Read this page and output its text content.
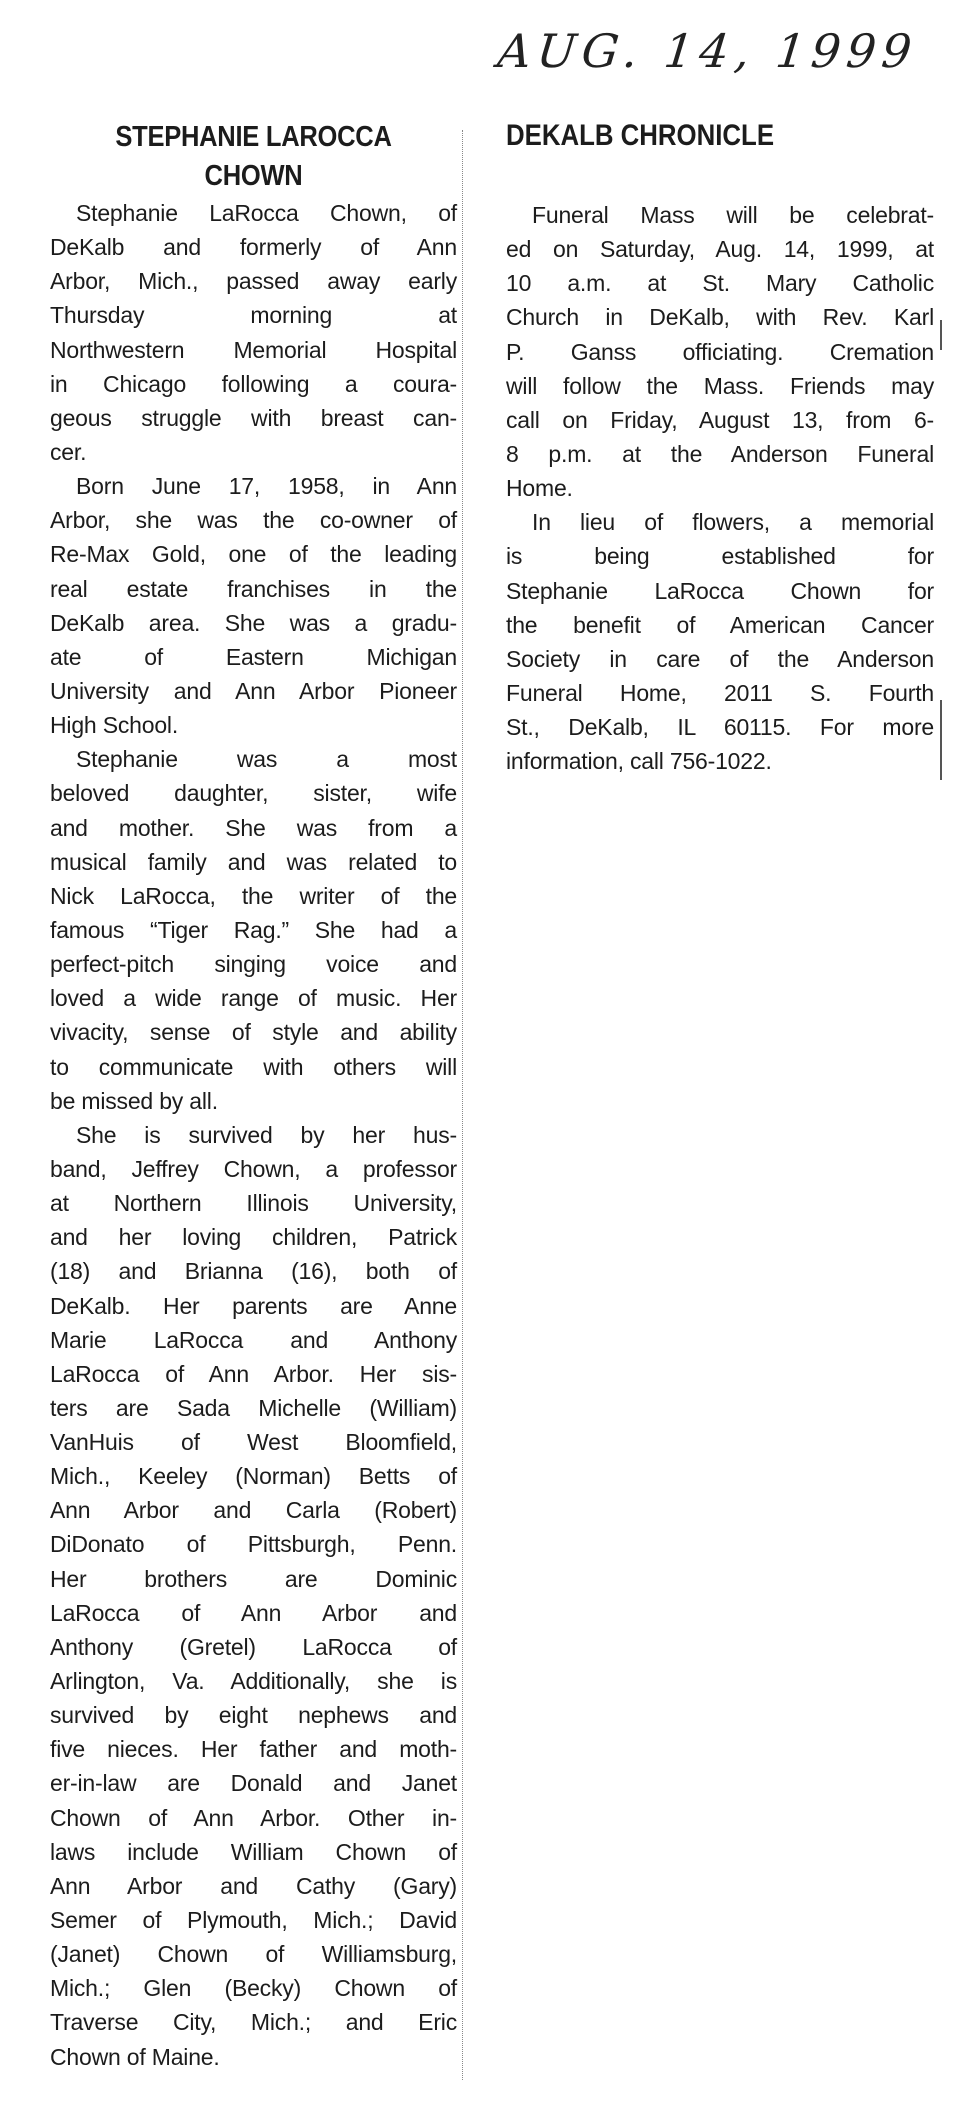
AUG. 14, 1999
STEPHANIE LAROCCA
CHOWN
Stephanie LaRocca Chown, of
DeKalb and formerly of Ann
Arbor, Mich., passed away early
Thursday morning at
Northwestern Memorial Hospital
in Chicago following a coura-
geous struggle with breast can-
cer.
Born June 17, 1958, in Ann
Arbor, she was the co-owner of
Re-Max Gold, one of the leading
real estate franchises in the
DeKalb area. She was a gradu-
ate of Eastern Michigan
University and Ann Arbor Pioneer
High School.
Stephanie was a most
beloved daughter, sister, wife
and mother. She was from a
musical family and was related to
Nick LaRocca, the writer of the
famous “Tiger Rag.” She had a
perfect-pitch singing voice and
loved a wide range of music. Her
vivacity, sense of style and ability
to communicate with others will
be missed by all.
She is survived by her hus-
band, Jeffrey Chown, a professor
at Northern Illinois University,
and her loving children, Patrick
(18) and Brianna (16), both of
DeKalb. Her parents are Anne
Marie LaRocca and Anthony
LaRocca of Ann Arbor. Her sis-
ters are Sada Michelle (William)
VanHuis of West Bloomfield,
Mich., Keeley (Norman) Betts of
Ann Arbor and Carla (Robert)
DiDonato of Pittsburgh, Penn.
Her brothers are Dominic
LaRocca of Ann Arbor and
Anthony (Gretel) LaRocca of
Arlington, Va. Additionally, she is
survived by eight nephews and
five nieces. Her father and moth-
er-in-law are Donald and Janet
Chown of Ann Arbor. Other in-
laws include William Chown of
Ann Arbor and Cathy (Gary)
Semer of Plymouth, Mich.; David
(Janet) Chown of Williamsburg,
Mich.; Glen (Becky) Chown of
Traverse City, Mich.; and Eric
Chown of Maine.
DEKALB CHRONICLE
Funeral Mass will be celebrat-
ed on Saturday, Aug. 14, 1999, at
10 a.m. at St. Mary Catholic
Church in DeKalb, with Rev. Karl
P. Ganss officiating. Cremation
will follow the Mass. Friends may
call on Friday, August 13, from 6-
8 p.m. at the Anderson Funeral
Home.
In lieu of flowers, a memorial
is being established for
Stephanie LaRocca Chown for
the benefit of American Cancer
Society in care of the Anderson
Funeral Home, 2011 S. Fourth
St., DeKalb, IL 60115. For more
information, call 756-1022.
